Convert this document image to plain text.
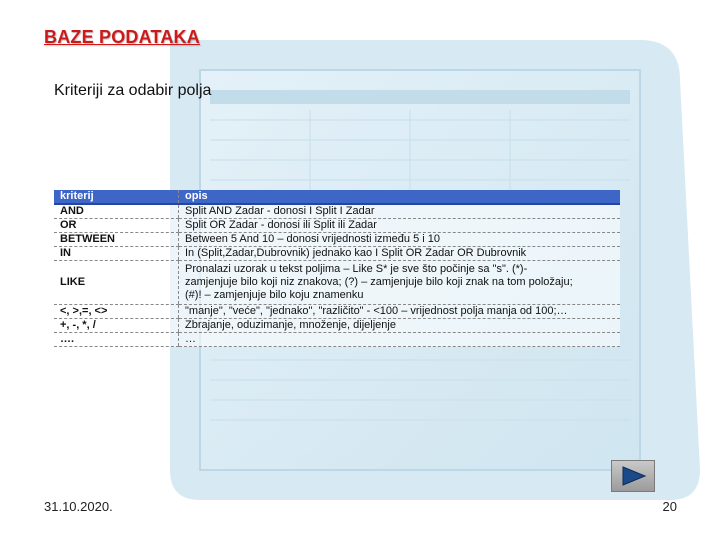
BAZE PODATAKA
Kriteriji za odabir polja
kriterij	opis
AND	Split AND Zadar - donosi I Split I Zadar
OR	Split OR Zadar - donosi ili Split ili Zadar
BETWEEN	Between 5 And 10 – donosi vrijednosti između 5 i 10
IN	In (Split,Zadar,Dubrovnik) jednako kao I Split OR Zadar OR Dubrovnik
LIKE	Pronalazi uzorak u tekst poljima – Like S* je sve što počinje sa "s". (*)-
zamjenjuje bilo koji niz znakova; (?) – zamjenjuje bilo koji znak na tom položaju;
(#)! – zamjenjuje bilo koju znamenku

<, >,=, <>	"manje", "veće", "jednako", "različito" - <100 – vrijednost polja manja od 100;…
+, -, *, /	Zbrajanje, oduzimanje, množenje, dijeljenje
….	…
31.10.2020.	20
